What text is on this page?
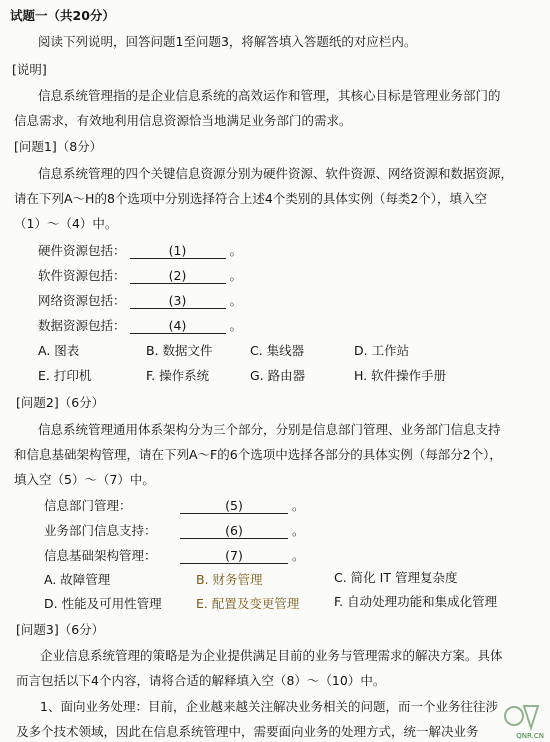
试题一（共20分）
阅读下列说明，回答问题1至问题3，将解答填入答题纸的对应栏内。
[说明]
信息系统管理指的是企业信息系统的高效运作和管理，其核心目标是管理业务部门的
信息需求，有效地利用信息资源恰当地满足业务部门的需求。
[问题1]（8分）
信息系统管理的四个关键信息资源分别为硬件资源、软件资源、网络资源和数据资源，
请在下列A～H的8个选项中分别选择符合上述4个类别的具体实例（每类2个），填入空
（1）～（4）中。
硬件资源包括：	(1)	。
软件资源包括：	(2)	。
网络资源包括：	(3)	。
数据资源包括：	(4)	。
A. 图表	B. 数据文件	C. 集线器	D. 工作站
E. 打印机	F. 操作系统	G. 路由器	H. 软件操作手册
[问题2]（6分）
信息系统管理通用体系架构分为三个部分，分别是信息部门管理、业务部门信息支持
和信息基础架构管理，请在下列A～F的6个选项中选择各部分的具体实例（每部分2个），
填入空（5）～（7）中。
信息部门管理：	(5)	。
业务部门信息支持：	(6)	。
信息基础架构管理：	(7)	。
A. 故障管理	B. 财务管理	C. 简化 IT 管理复杂度
D. 性能及可用性管理	E. 配置及变更管理	F. 自动处理功能和集成化管理
[问题3]（6分）
企业信息系统管理的策略是为企业提供满足目前的业务与管理需求的解决方案。具体
而言包括以下4个内容，请将合适的解释填入空（8）～（10）中。
1、面向业务处理：目前，企业越来越关注解决业务相关的问题，而一个业务往往涉
及多个技术领域，因此在信息系统管理中，需要面向业务的处理方式，统一解决业务	QNR.CN
